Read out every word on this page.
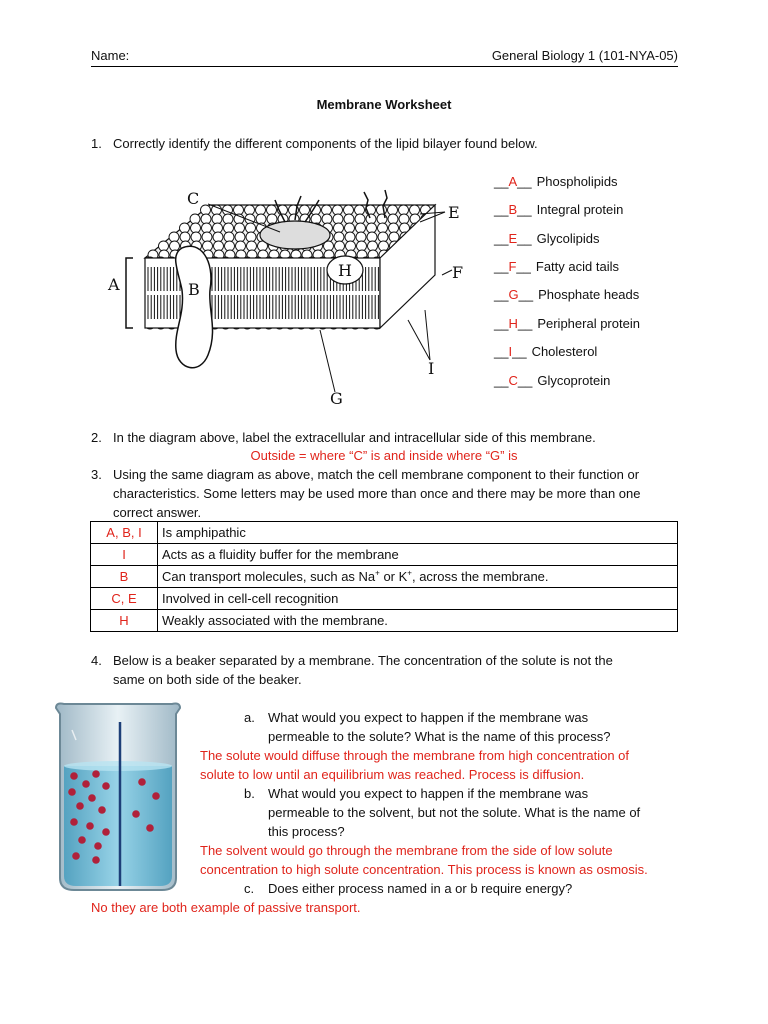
Name:	General Biology 1 (101-NYA-05)
Membrane Worksheet
1. Correctly identify the different components of the lipid bilayer found below.
C
E
A	B
H	F
I
G
__A__ Phospholipids
__B__ Integral protein
__E__ Glycolipids
__F__ Fatty acid tails
__G__ Phosphate heads
__H__ Peripheral protein
__I__ Cholesterol
__C__ Glycoprotein
2. In the diagram above, label the extracellular and intracellular side of this membrane.
Outside = where “C” is and inside where “G” is
3. Using the same diagram as above, match the cell membrane component to their function or
characteristics. Some letters may be used more than once and there may be more than one
correct answer.
A, B, I	Is amphipathic
I	Acts as a fluidity buffer for the membrane
B	Can transport molecules, such as Na+ or K+, across the membrane.
C, E	Involved in cell-cell recognition
H	Weakly associated with the membrane.
4. Below is a beaker separated by a membrane. The concentration of the solute is not the
same on both side of the beaker.
a. What would you expect to happen if the membrane was
permeable to the solute? What is the name of this process?
The solute would diffuse through the membrane from high concentration of
solute to low until an equilibrium was reached. Process is diffusion.
b. What would you expect to happen if the membrane was
permeable to the solvent, but not the solute. What is the name of
this process?
The solvent would go through the membrane from the side of low solute
concentration to high solute concentration. This process is known as osmosis.
c. Does either process named in a or b require energy?
No they are both example of passive transport.
